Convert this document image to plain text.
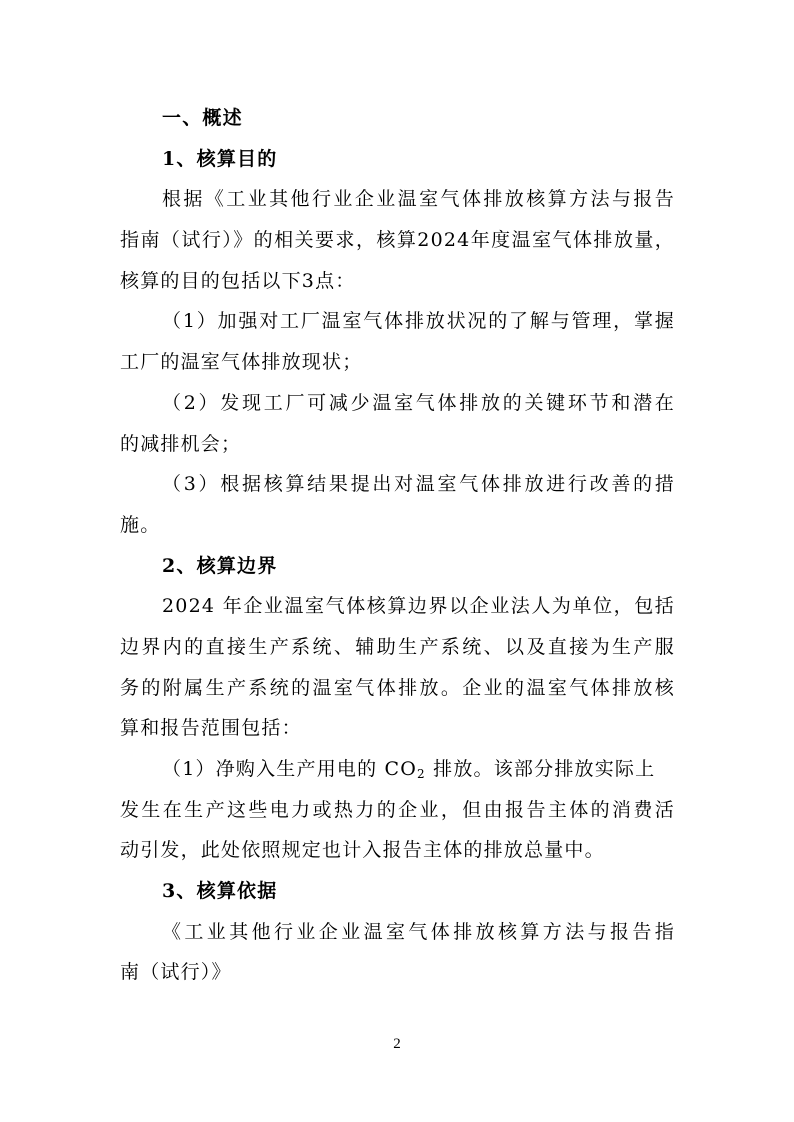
一、概述
1、核算目的
根据《工业其他行业企业温室气体排放核算方法与报告
指南（试行）》的相关要求，核算2024年度温室气体排放量，
核算的目的包括以下3点：
（1）加强对工厂温室气体排放状况的了解与管理，掌握
工厂的温室气体排放现状；
（2）发现工厂可减少温室气体排放的关键环节和潜在
的减排机会；
（3）根据核算结果提出对温室气体排放进行改善的措
施。
2、核算边界
2024 年企业温室气体核算边界以企业法人为单位，包括
边界内的直接生产系统、辅助生产系统、以及直接为生产服
务的附属生产系统的温室气体排放。企业的温室气体排放核
算和报告范围包括：
（1）净购入生产用电的 $CO_2$ 排放。该部分排放实际上
发生在生产这些电力或热力的企业，但由报告主体的消费活
动引发，此处依照规定也计入报告主体的排放总量中。
3、核算依据
《工业其他行业企业温室气体排放核算方法与报告指
南（试行）》
2
